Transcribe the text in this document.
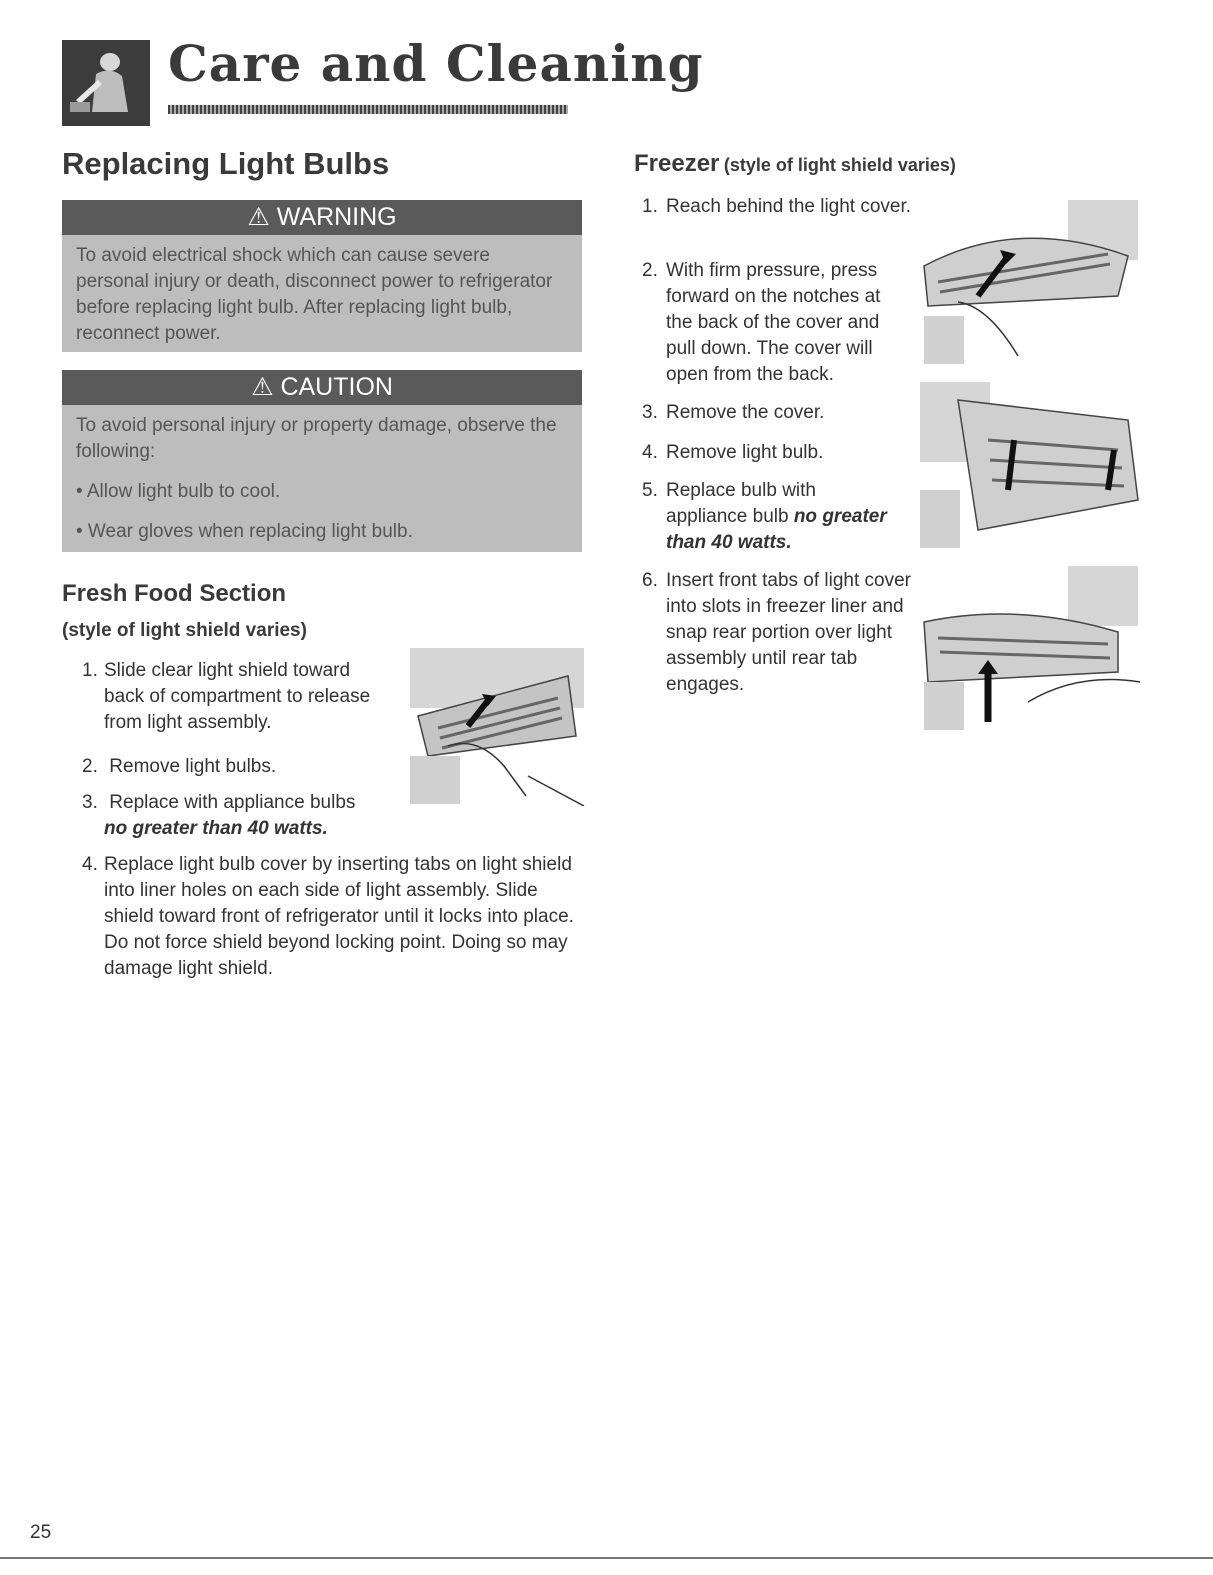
Care and Cleaning
Replacing Light Bulbs
⚠ WARNING

To avoid electrical shock which can cause severe personal injury or death, disconnect power to refrigerator before replacing light bulb. After replacing light bulb, reconnect power.

⚠ CAUTION

To avoid personal injury or property damage, observe the following:

• Allow light bulb to cool.

• Wear gloves when replacing light bulb.

Fresh Food Section
(style of light shield varies)
1. Slide clear light shield toward back of compartment to release from light assembly.
2. Remove light bulbs.
3. Replace with appliance bulbs
no greater than 40 watts.
4. Replace light bulb cover by inserting tabs on light shield into liner holes on each side of light assembly. Slide shield toward front of refrigerator until it locks into place. Do not force shield beyond locking point. Doing so may damage light shield.
Freezer (style of light shield varies)
1. Reach behind the light cover.
2. With firm pressure, press forward on the notches at the back of the cover and pull down. The cover will open from the back.
3. Remove the cover.
4. Remove light bulb.
5. Replace bulb with appliance bulb no greater than 40 watts.
6. Insert front tabs of light cover into slots in freezer liner and snap rear portion over light assembly until rear tab engages.
25
